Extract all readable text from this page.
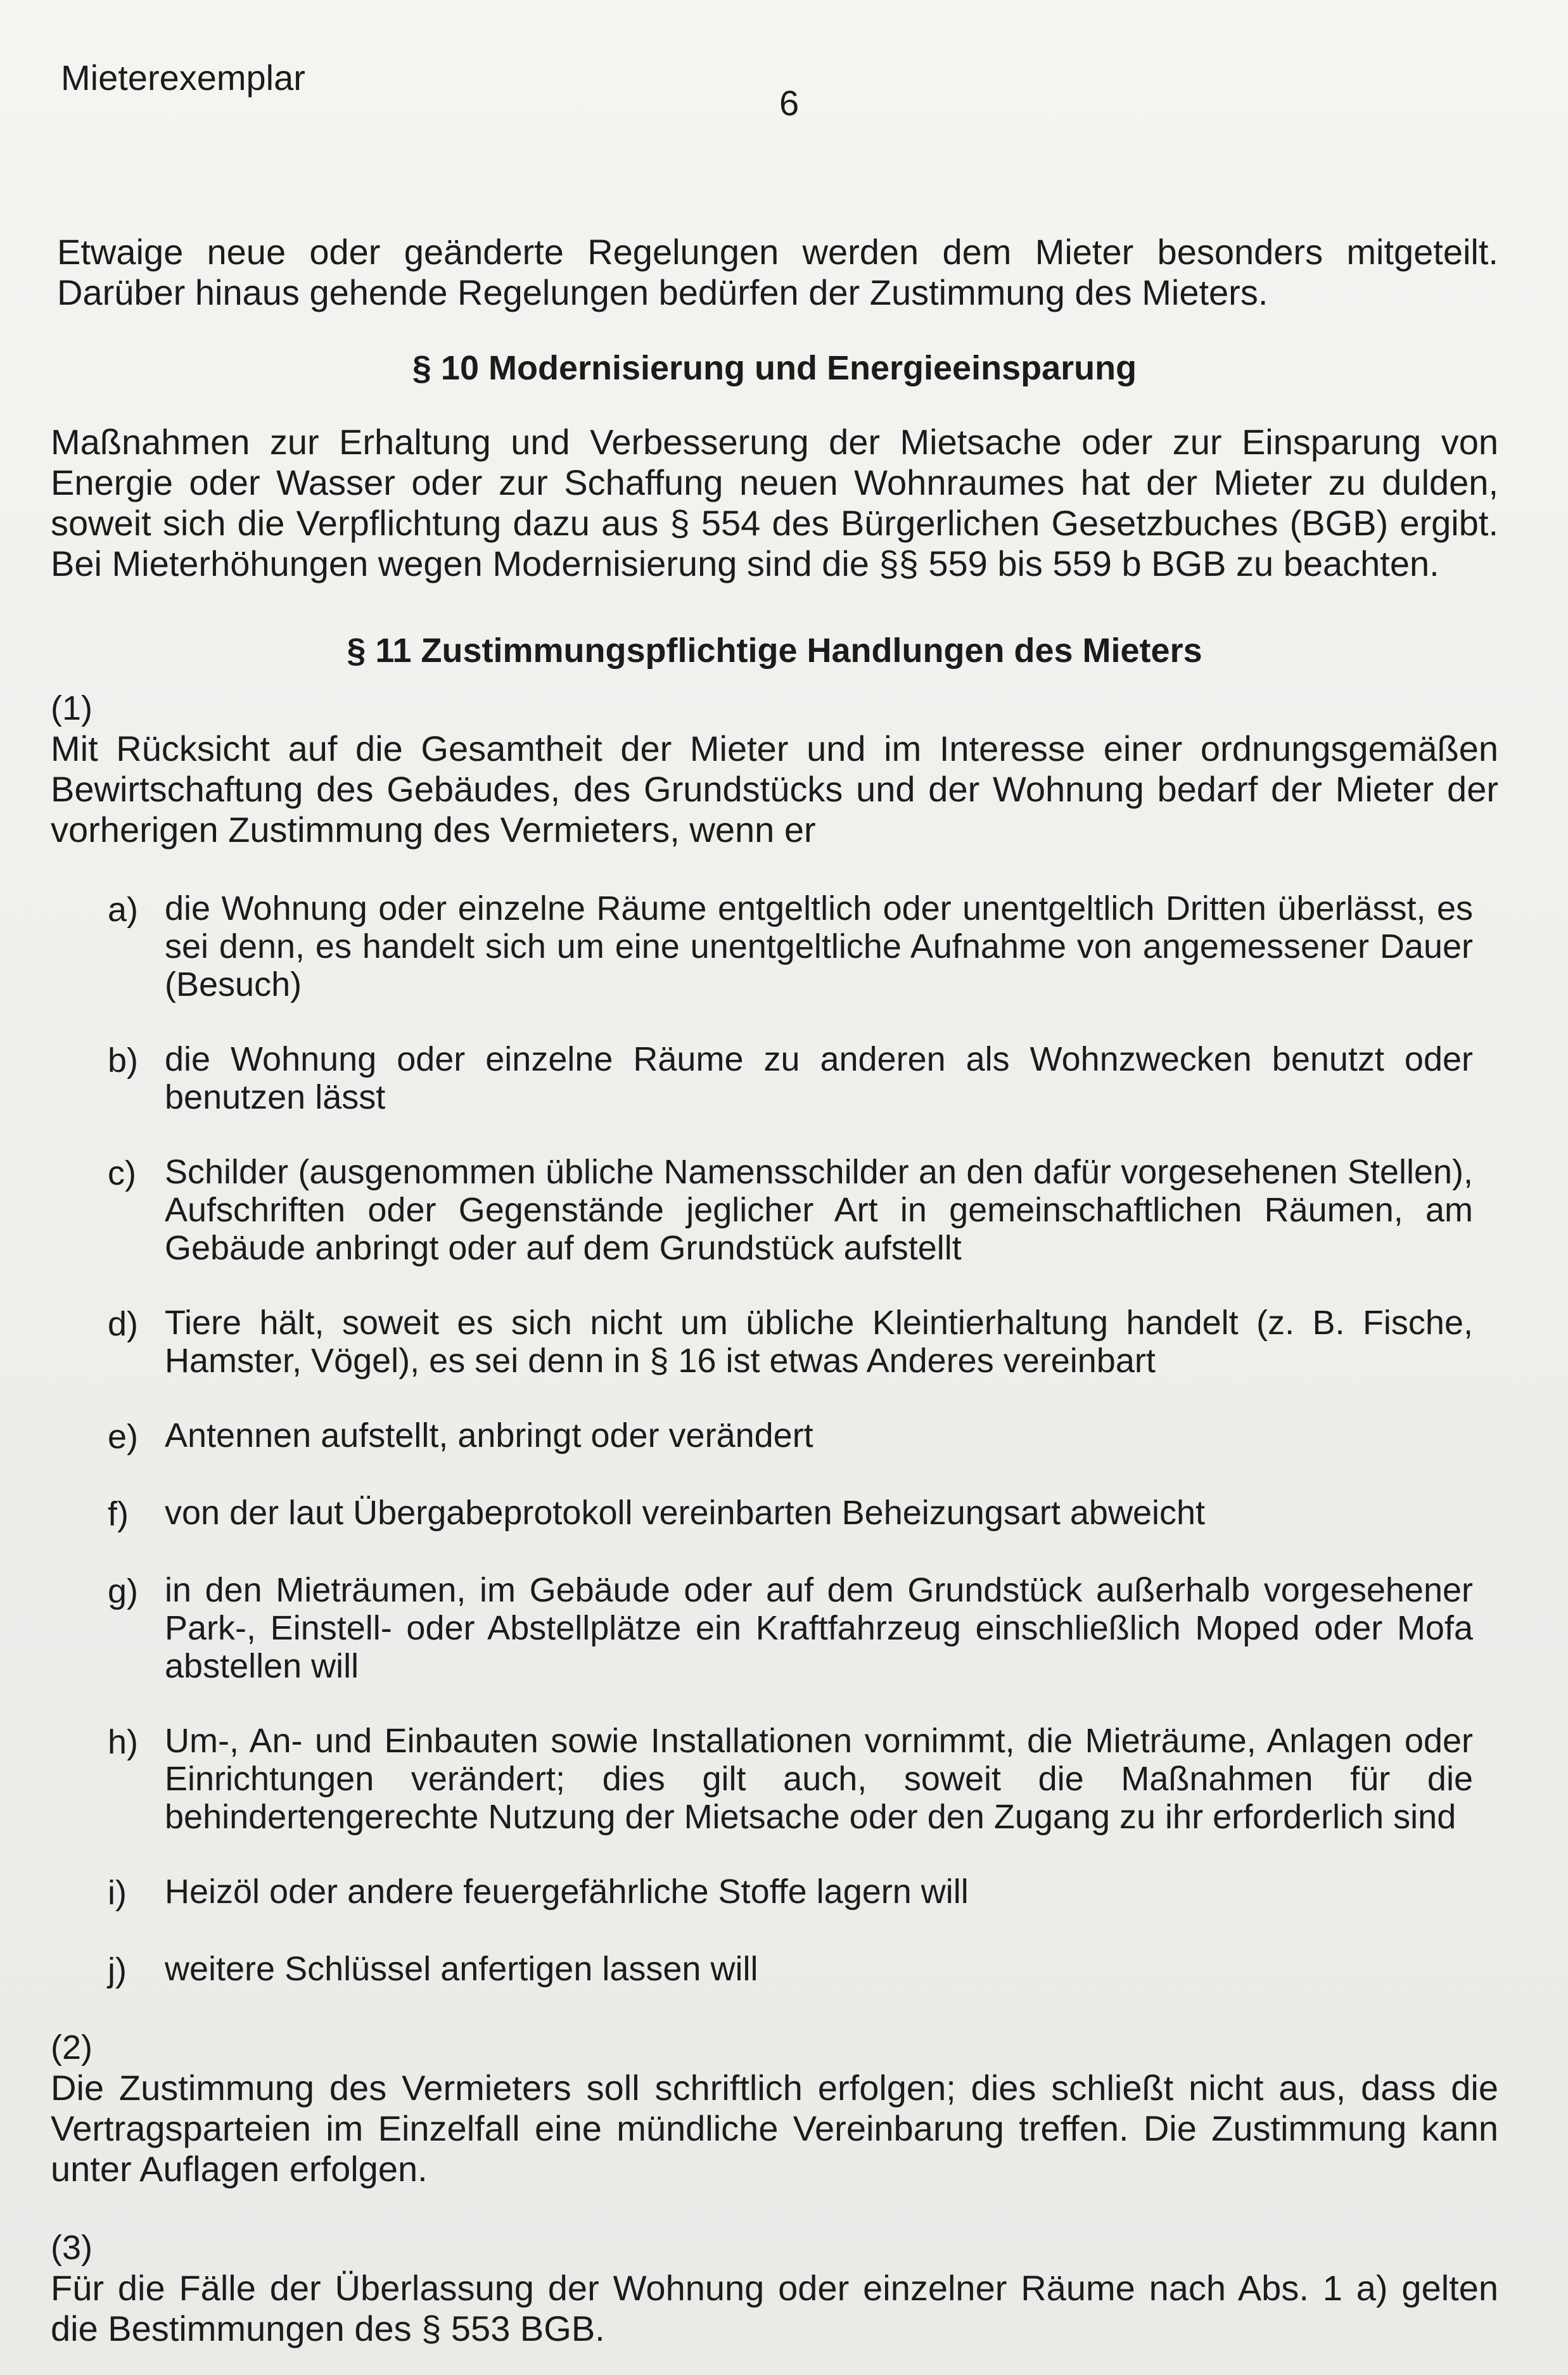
Mieterexemplar
6

Etwaige neue oder geänderte Regelungen werden dem Mieter besonders mitgeteilt. Darüber hinaus gehende Regelungen bedürfen der Zustimmung des Mieters.

§ 10 Modernisierung und Energieeinsparung

Maßnahmen zur Erhaltung und Verbesserung der Mietsache oder zur Einsparung von Energie oder Wasser oder zur Schaffung neuen Wohnraumes hat der Mieter zu dulden, soweit sich die Verpflichtung dazu aus § 554 des Bürgerlichen Gesetzbuches (BGB) ergibt. Bei Mieterhöhungen wegen Modernisierung sind die §§ 559 bis 559 b BGB zu beachten.

§ 11 Zustimmungspflichtige Handlungen des Mieters
(1)

Mit Rücksicht auf die Gesamtheit der Mieter und im Interesse einer ordnungsgemäßen Bewirtschaftung des Gebäudes, des Grundstücks und der Wohnung bedarf der Mieter der vorherigen Zustimmung des Vermieters, wenn er

a) die Wohnung oder einzelne Räume entgeltlich oder unentgeltlich Dritten überlässt, es sei denn, es handelt sich um eine unentgeltliche Aufnahme von angemessener Dauer (Besuch)
b) die Wohnung oder einzelne Räume zu anderen als Wohnzwecken benutzt oder benutzen lässt
c) Schilder (ausgenommen übliche Namensschilder an den dafür vorgesehenen Stellen), Aufschriften oder Gegenstände jeglicher Art in gemeinschaftlichen Räumen, am Gebäude anbringt oder auf dem Grundstück aufstellt
d) Tiere hält, soweit es sich nicht um übliche Kleintierhaltung handelt (z. B. Fische, Hamster, Vögel), es sei denn in § 16 ist etwas Anderes vereinbart
e) Antennen aufstellt, anbringt oder verändert
f)	von der laut Übergabeprotokoll vereinbarten Beheizungsart abweicht
g) in den Mieträumen, im Gebäude oder auf dem Grundstück außerhalb vorgesehener Park-, Einstell- oder Abstellplätze ein Kraftfahrzeug einschließlich Moped oder Mofa abstellen will
h) Um-, An- und Einbauten sowie Installationen vornimmt, die Mieträume, Anlagen oder Einrichtungen verändert; dies gilt auch, soweit die Maßnahmen für die behindertengerechte Nutzung der Mietsache oder den Zugang zu ihr erforderlich sind
i)	Heizöl oder andere feuergefährliche Stoffe lagern will
j)	weitere Schlüssel anfertigen lassen will
(2)

Die Zustimmung des Vermieters soll schriftlich erfolgen; dies schließt nicht aus, dass die Vertragsparteien im Einzelfall eine mündliche Vereinbarung treffen. Die Zustimmung kann unter Auflagen erfolgen.

(3)

Für die Fälle der Überlassung der Wohnung oder einzelner Räume nach Abs. 1 a) gelten die Bestimmungen des § 553 BGB.
